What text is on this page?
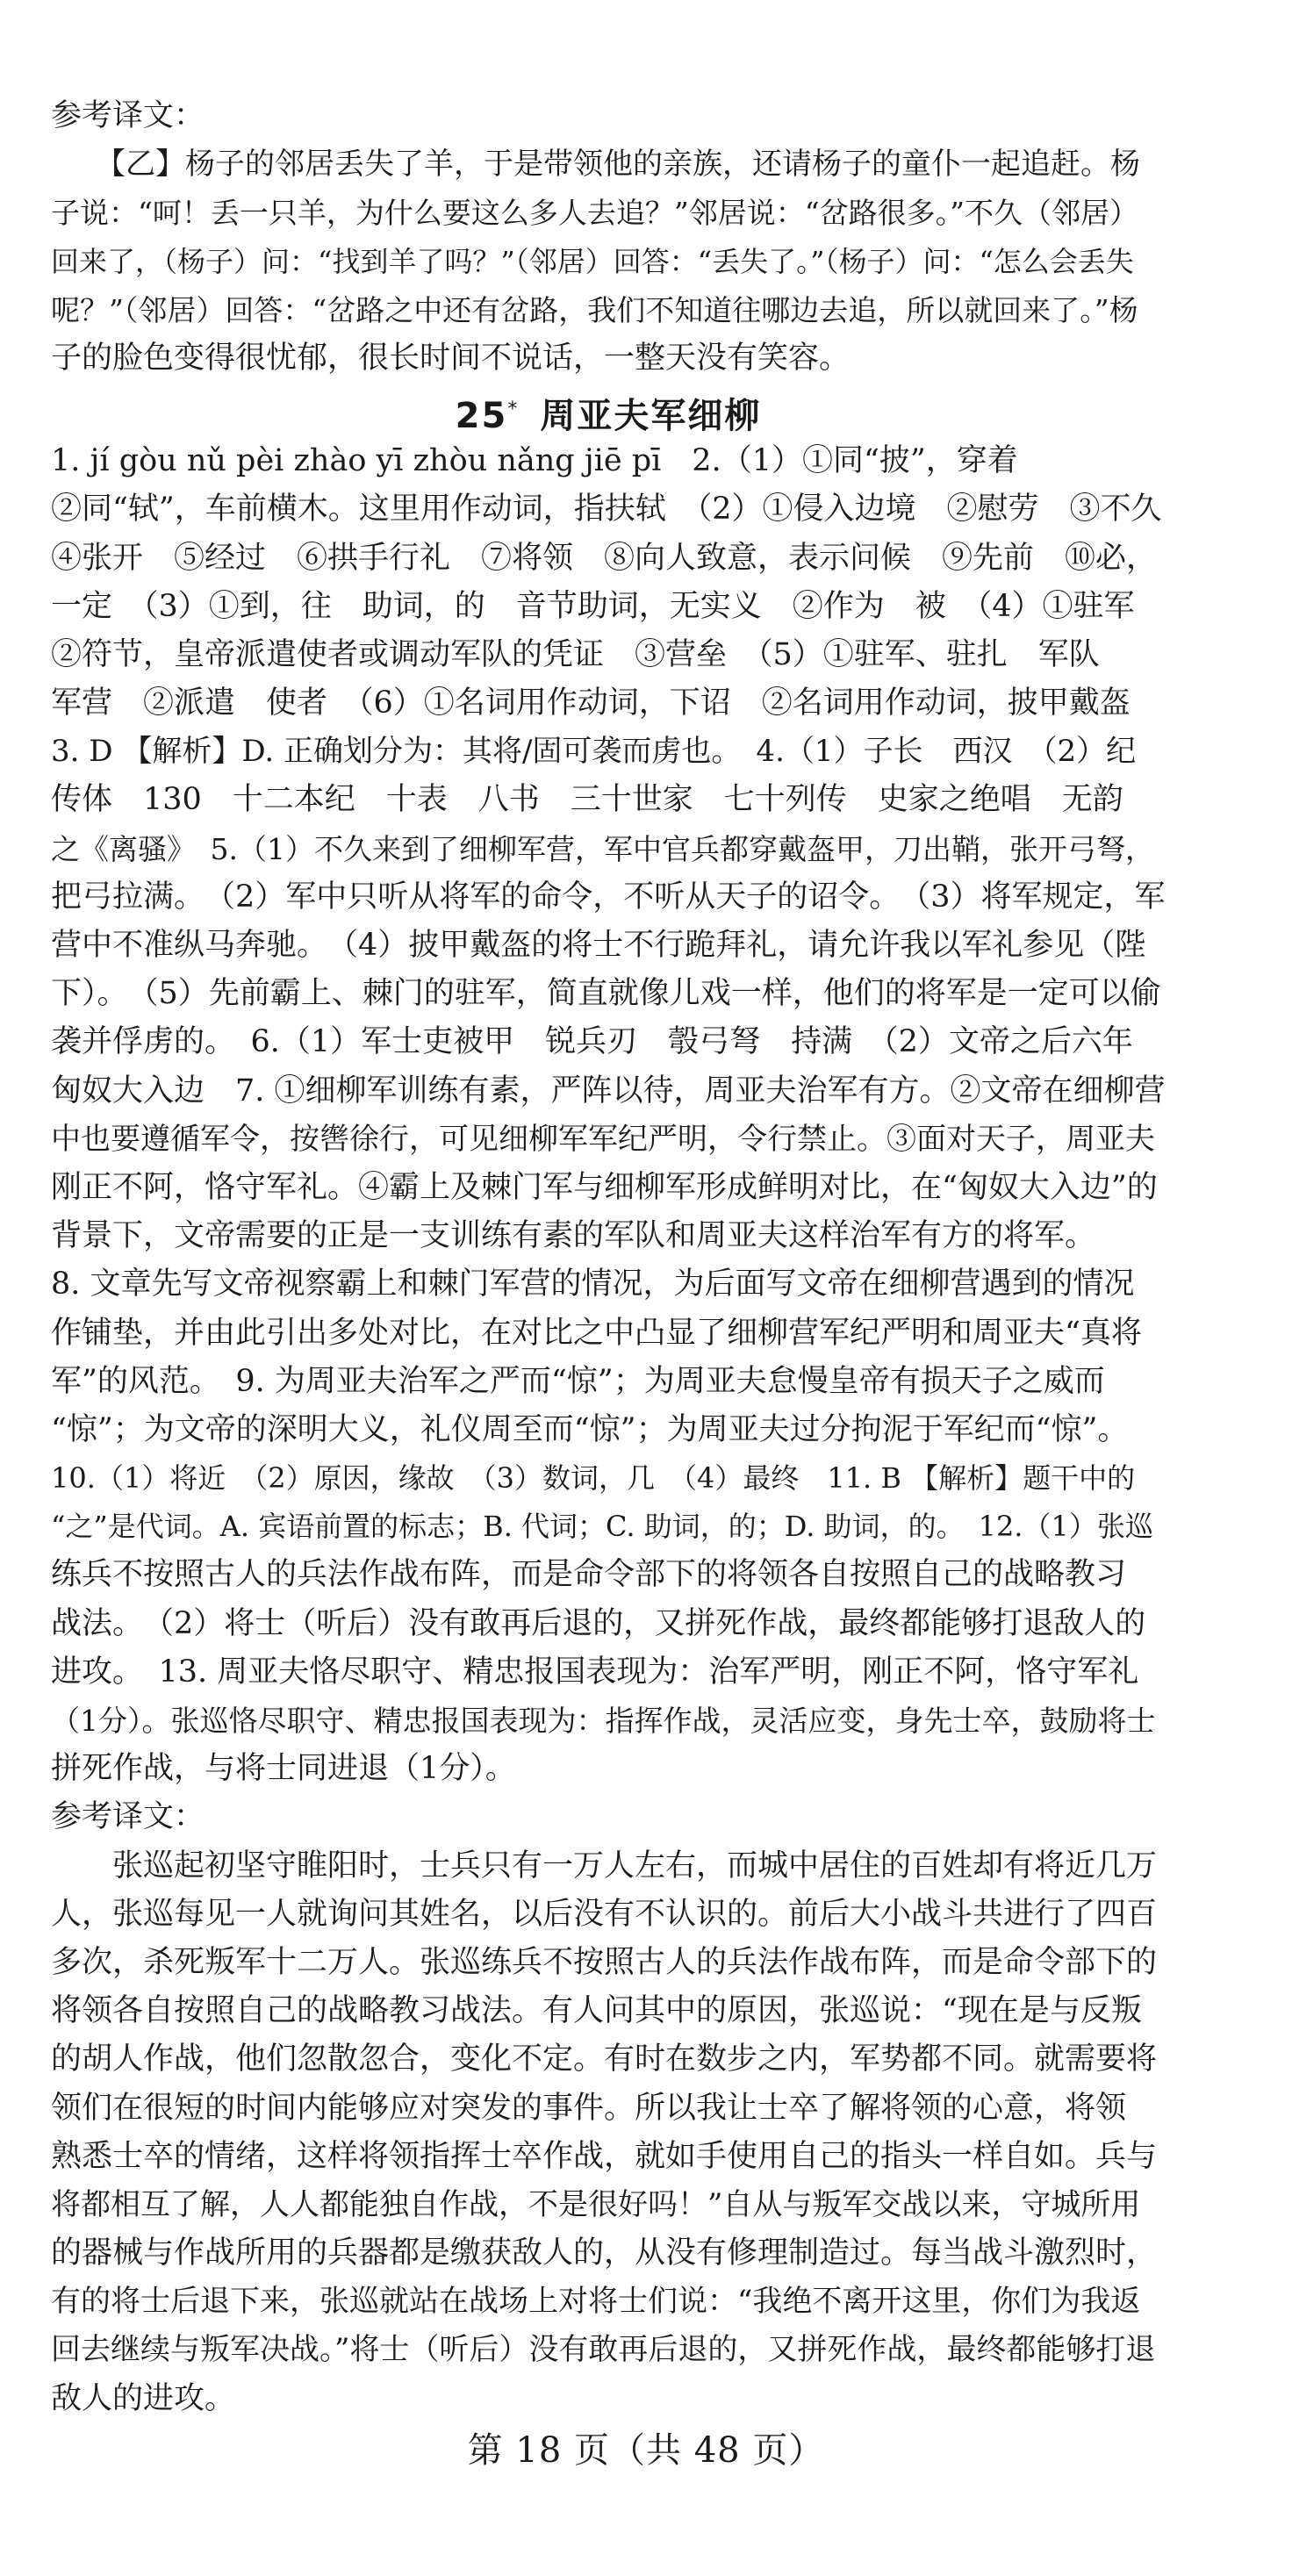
参考译文：
　　【乙】杨子的邻居丢失了羊，于是带领他的亲族，还请杨子的童仆一起追赶。杨
子说：“呵！丢一只羊，为什么要这么多人去追？”邻居说：“岔路很多。”不久（邻居）
回来了，（杨子）问：“找到羊了吗？”（邻居）回答：“丢失了。”（杨子）问：“怎么会丢失
呢？”（邻居）回答：“岔路之中还有岔路，我们不知道往哪边去追，所以就回来了。”杨
子的脸色变得很忧郁，很长时间不说话，一整天没有笑容。
25* 周亚夫军细柳
1. jí gòu nǔ pèi zhào yī zhòu nǎng jiē pī　2.（1）①同“披”，穿着
②同“轼”，车前横木。这里用作动词，指扶轼　（2）①侵入边境　②慰劳　③不久
④张开　⑤经过　⑥拱手行礼　⑦将领　⑧向人致意，表示问候　⑨先前　⑩必，
一定　（3）①到，往　助词，的　音节助词，无实义　②作为　被　（4）①驻军
②符节，皇帝派遣使者或调动军队的凭证　③营垒　（5）①驻军、驻扎　军队
军营　②派遣　使者　（6）①名词用作动词，下诏　②名词用作动词，披甲戴盔
3. D 【解析】D. 正确划分为：其将/固可袭而虏也。　4.（1）子长　西汉　（2）纪
传体　130　十二本纪　十表　八书　三十世家　七十列传　史家之绝唱　无韵
之《离骚》　5.（1）不久来到了细柳军营，军中官兵都穿戴盔甲，刀出鞘，张开弓弩，
把弓拉满。　（2）军中只听从将军的命令，不听从天子的诏令。　（3）将军规定，军
营中不准纵马奔驰。　（4）披甲戴盔的将士不行跪拜礼，请允许我以军礼参见（陛
下）。　（5）先前霸上、棘门的驻军，简直就像儿戏一样，他们的将军是一定可以偷
袭并俘虏的。　6.（1）军士吏被甲　锐兵刃　彀弓弩　持满　（2）文帝之后六年
匈奴大入边　7. ①细柳军训练有素，严阵以待，周亚夫治军有方。②文帝在细柳营
中也要遵循军令，按辔徐行，可见细柳军军纪严明，令行禁止。③面对天子，周亚夫
刚正不阿，恪守军礼。④霸上及棘门军与细柳军形成鲜明对比，在“匈奴大入边”的
背景下，文帝需要的正是一支训练有素的军队和周亚夫这样治军有方的将军。
8. 文章先写文帝视察霸上和棘门军营的情况，为后面写文帝在细柳营遇到的情况
作铺垫，并由此引出多处对比，在对比之中凸显了细柳营军纪严明和周亚夫“真将
军”的风范。　9. 为周亚夫治军之严而“惊”；为周亚夫怠慢皇帝有损天子之威而
“惊”；为文帝的深明大义，礼仪周至而“惊”；为周亚夫过分拘泥于军纪而“惊”。
10.（1）将近　（2）原因，缘故　（3）数词，几　（4）最终　11. B 【解析】题干中的
“之”是代词。A. 宾语前置的标志；B. 代词；C. 助词，的；D. 助词，的。　12.（1）张巡
练兵不按照古人的兵法作战布阵，而是命令部下的将领各自按照自己的战略教习
战法。　（2）将士（听后）没有敢再后退的，又拼死作战，最终都能够打退敌人的
进攻。　13. 周亚夫恪尽职守、精忠报国表现为：治军严明，刚正不阿，恪守军礼
（1分）。张巡恪尽职守、精忠报国表现为：指挥作战，灵活应变，身先士卒，鼓励将士
拼死作战，与将士同进退（1分）。
参考译文：
　　张巡起初坚守睢阳时，士兵只有一万人左右，而城中居住的百姓却有将近几万
人，张巡每见一人就询问其姓名，以后没有不认识的。前后大小战斗共进行了四百
多次，杀死叛军十二万人。张巡练兵不按照古人的兵法作战布阵，而是命令部下的
将领各自按照自己的战略教习战法。有人问其中的原因，张巡说：“现在是与反叛
的胡人作战，他们忽散忽合，变化不定。有时在数步之内，军势都不同。就需要将
领们在很短的时间内能够应对突发的事件。所以我让士卒了解将领的心意，将领
熟悉士卒的情绪，这样将领指挥士卒作战，就如手使用自己的指头一样自如。兵与
将都相互了解，人人都能独自作战，不是很好吗！”自从与叛军交战以来，守城所用
的器械与作战所用的兵器都是缴获敌人的，从没有修理制造过。每当战斗激烈时，
有的将士后退下来，张巡就站在战场上对将士们说：“我绝不离开这里，你们为我返
回去继续与叛军决战。”将士（听后）没有敢再后退的，又拼死作战，最终都能够打退
敌人的进攻。
第 18 页（共 48 页）
